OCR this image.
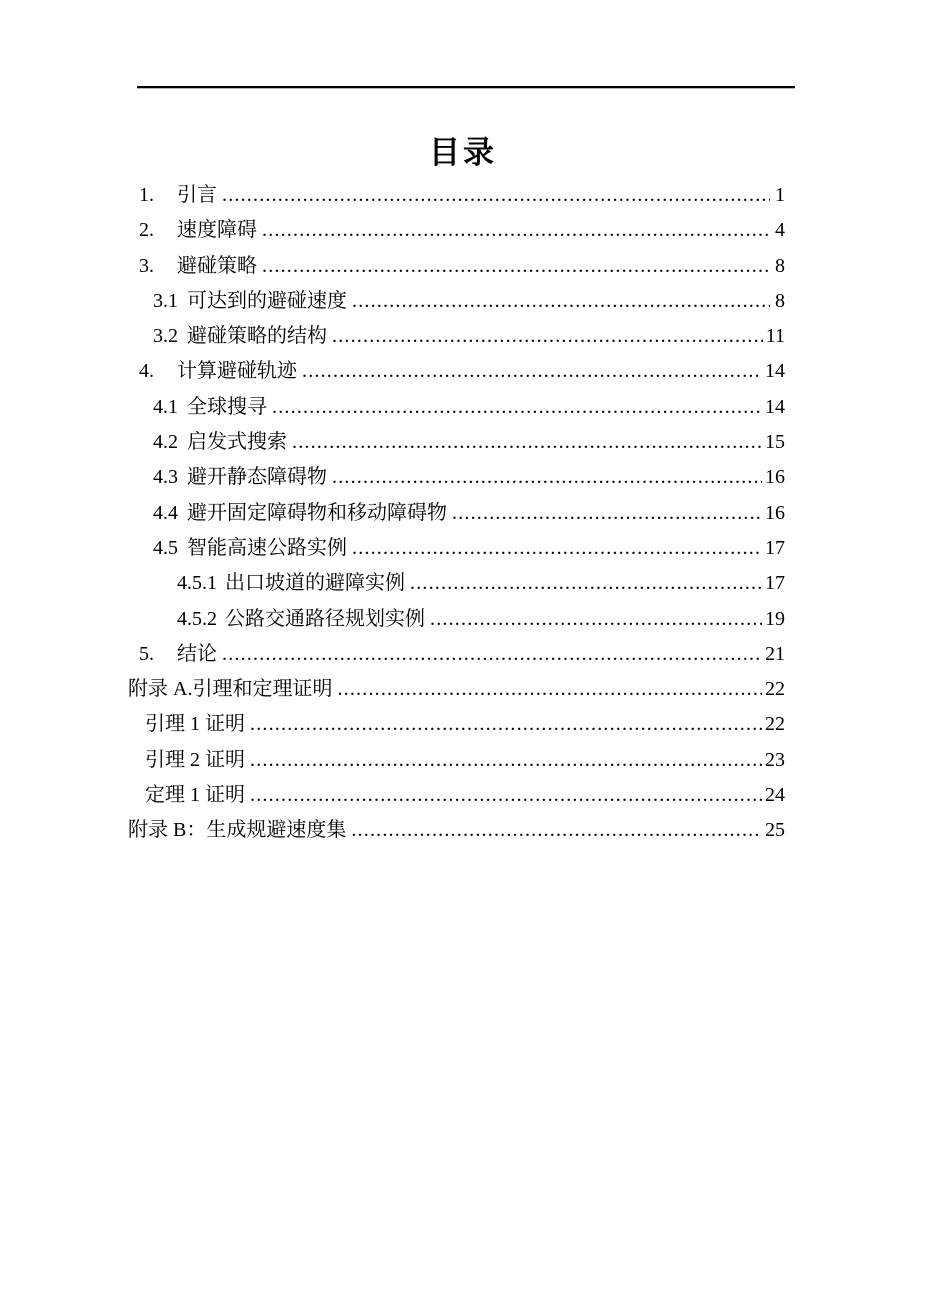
目录
1.	引言 .....	1
2.	速度障碍 .....	4
3.	避碰策略 .....	8
3.1 可达到的避碰速度 .....	8
3.2 避碰策略的结构 .....	11
4.	计算避碰轨迹 .....	14
4.1 全球搜寻 .....	14
4.2 启发式搜索 .....	15
4.3 避开静态障碍物 .....	16
4.4 避开固定障碍物和移动障碍物 .....	16
4.5 智能高速公路实例 .....	17
4.5.1 出口坡道的避障实例 .....	17
4.5.2 公路交通路径规划实例 .....	19
5.	结论 .....	21
附录 A.引理和定理证明 .....	22
引理 1 证明 .....	22
引理 2 证明 .....	23
定理 1 证明 .....	24
附录 B：生成规避速度集 .....	25
